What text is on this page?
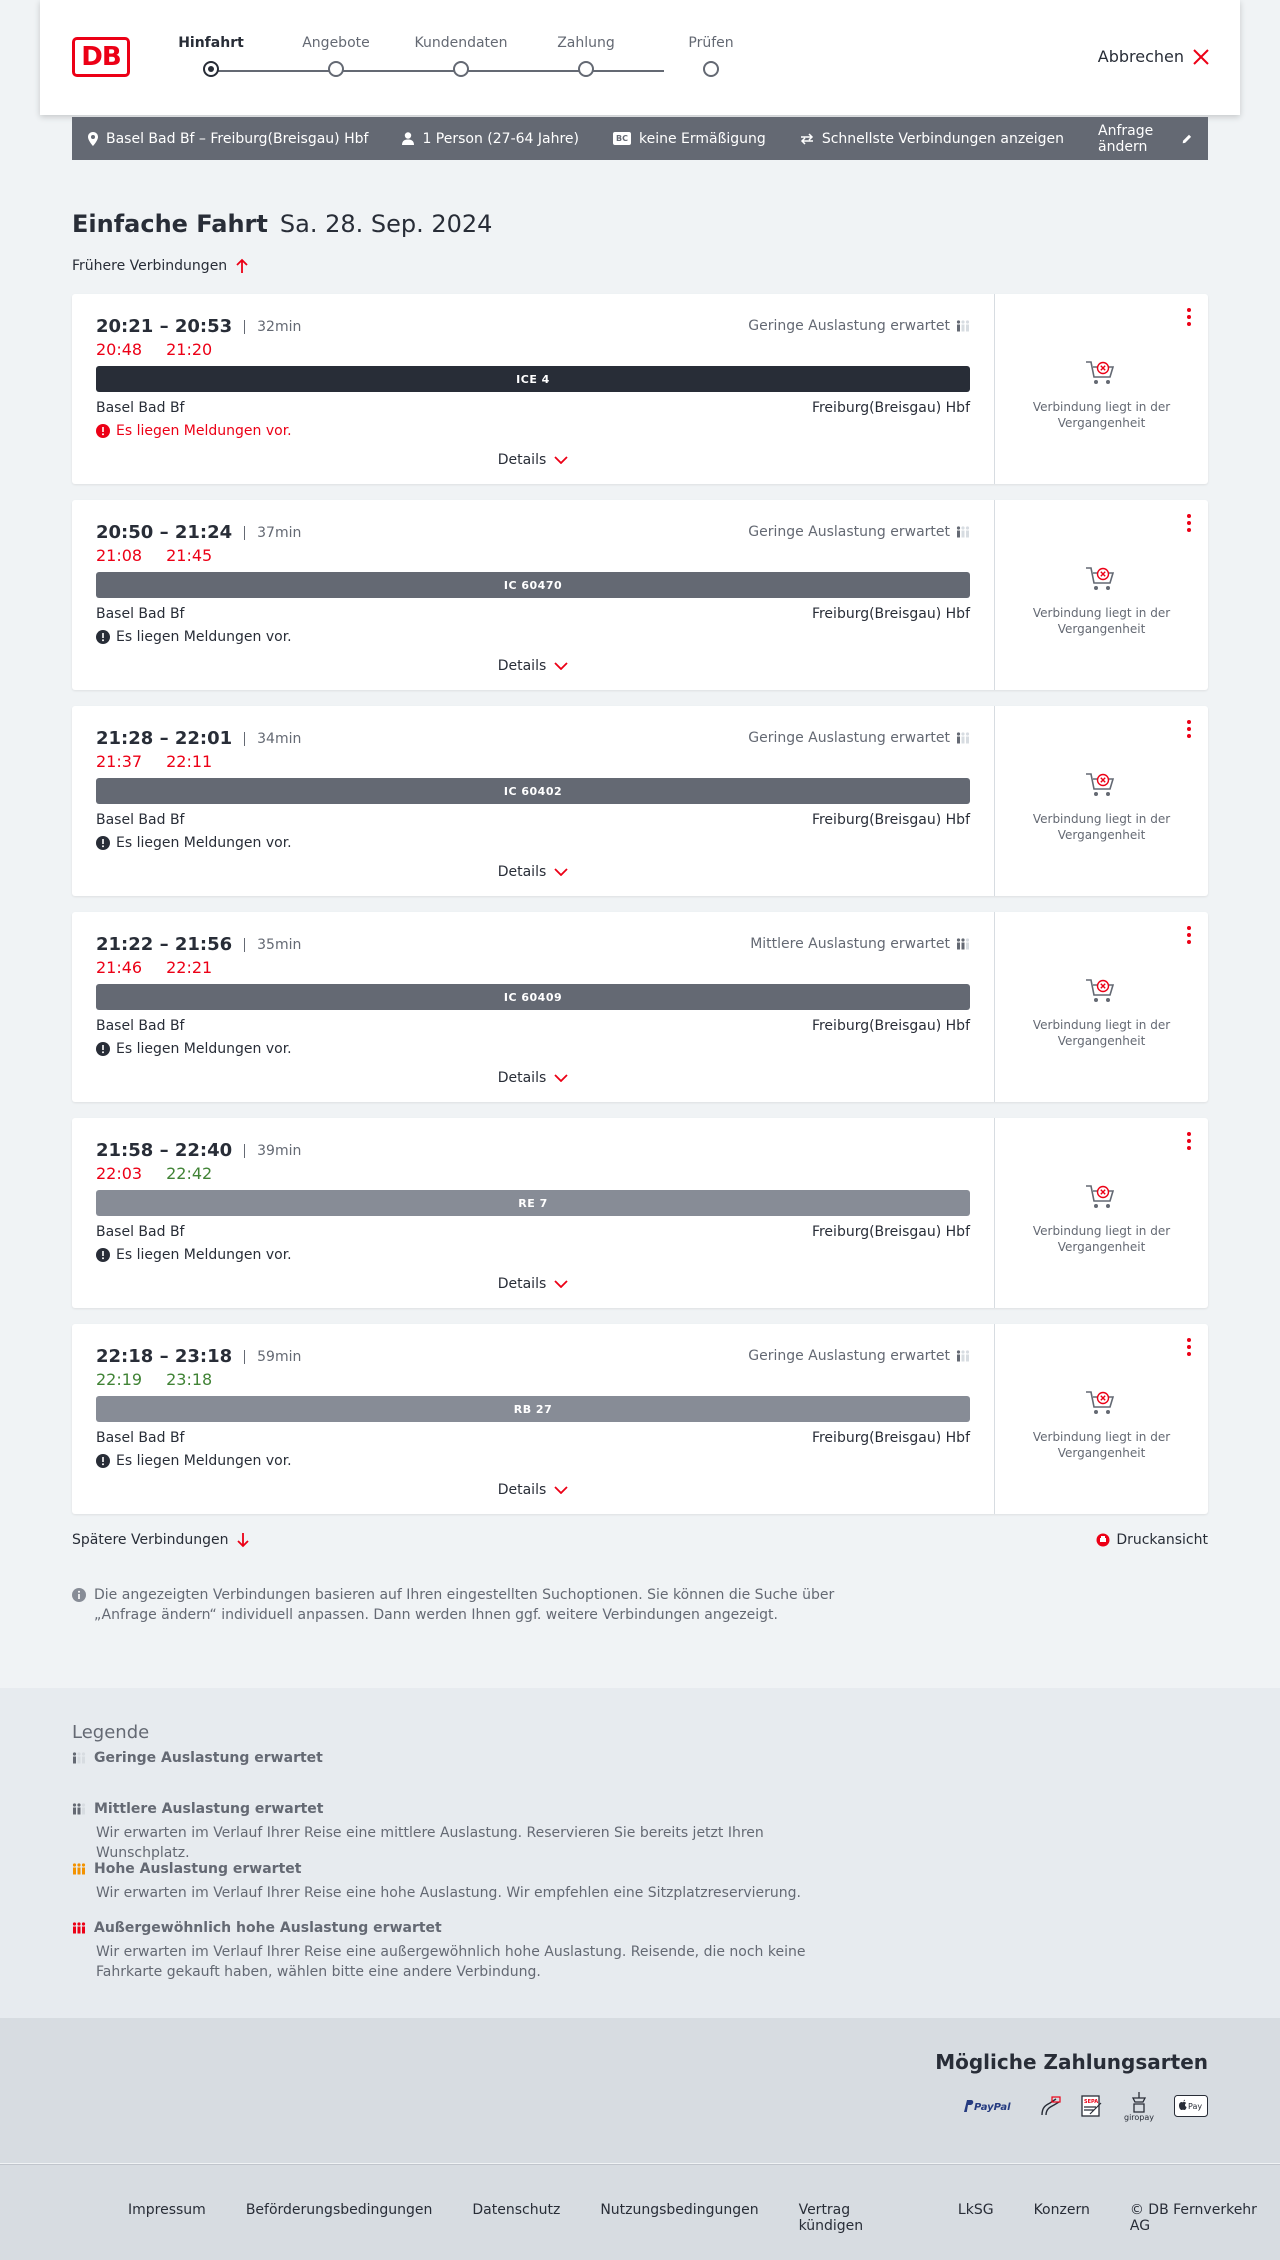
DB	Hinfahrt	Angebote	Kundendaten	Zahlung	Prüfen
Abbrechen
Basel Bad Bf – Freiburg(Breisgau) Hbf	1 Person (27-64 Jahre)	BC keine Ermäßigung	Schnellste Verbindungen anzeigen Anfrage ändern
Einfache Fahrt Sa. 28. Sep. 2024
Frühere Verbindungen
20:21 – 20:53	32min
20:48 21:20
Geringe Auslastung erwartet
ICE 4
Basel Bad Bf	Freiburg(Breisgau) Hbf
Es liegen Meldungen vor.
Details
Verbindung liegt in der Vergangenheit
20:50 – 21:24	37min
21:08 21:45
Geringe Auslastung erwartet
IC 60470
Basel Bad Bf	Freiburg(Breisgau) Hbf
Es liegen Meldungen vor.
Details
Verbindung liegt in der Vergangenheit
21:28 – 22:01	34min
21:37 22:11
Geringe Auslastung erwartet
IC 60402
Basel Bad Bf	Freiburg(Breisgau) Hbf
Es liegen Meldungen vor.
Details
Verbindung liegt in der Vergangenheit
21:22 – 21:56	35min
21:46 22:21
Mittlere Auslastung erwartet
IC 60409
Basel Bad Bf	Freiburg(Breisgau) Hbf
Es liegen Meldungen vor.
Details
Verbindung liegt in der Vergangenheit
21:58 – 22:40	39min
22:03 22:42
RE 7
Basel Bad Bf	Freiburg(Breisgau) Hbf
Es liegen Meldungen vor.
Details
Verbindung liegt in der Vergangenheit
22:18 – 23:18	59min
22:19 23:18
Geringe Auslastung erwartet
RB 27
Basel Bad Bf	Freiburg(Breisgau) Hbf
Es liegen Meldungen vor.
Details
Verbindung liegt in der Vergangenheit
Spätere Verbindungen	Druckansicht
Die angezeigten Verbindungen basieren auf Ihren eingestellten Suchoptionen. Sie können die Suche über „Anfrage ändern“ individuell anpassen. Dann werden Ihnen ggf. weitere Verbindungen angezeigt.
Legende
Geringe Auslastung erwartet
Mittlere Auslastung erwartet
Wir erwarten im Verlauf Ihrer Reise eine mittlere Auslastung. Reservieren Sie bereits jetzt Ihren Wunschplatz.
Hohe Auslastung erwartet
Wir erwarten im Verlauf Ihrer Reise eine hohe Auslastung. Wir empfehlen eine Sitzplatzreservierung.
Außergewöhnlich hohe Auslastung erwartet
Wir erwarten im Verlauf Ihrer Reise eine außergewöhnlich hohe Auslastung. Reisende, die noch keine Fahrkarte gekauft haben, wählen bitte eine andere Verbindung.
Mögliche Zahlungsarten
PayPal	SEPA
giropay
Pay
Impressum	Beförderungsbedingungen	Datenschutz	Nutzungsbedingungen	Vertrag kündigen
LkSG	Konzern	© DB Fernverkehr AG
